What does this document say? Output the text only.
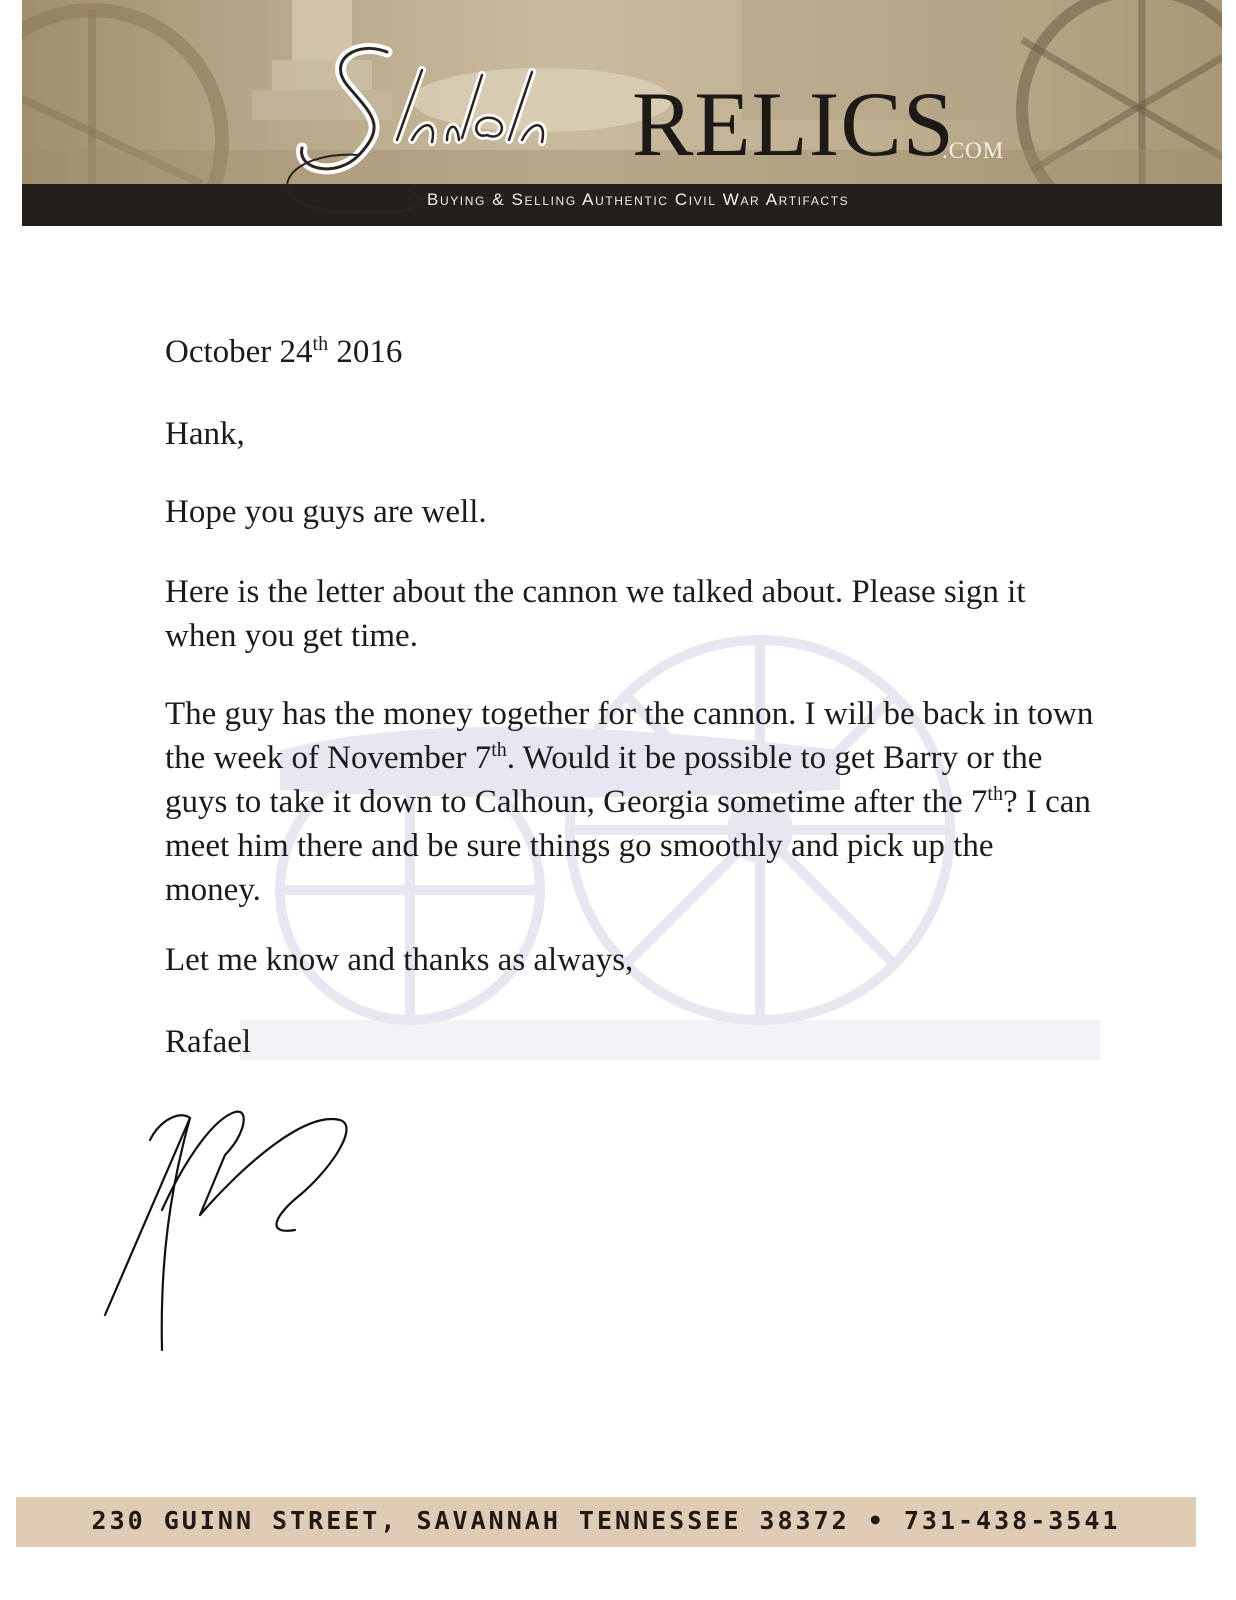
RELICS
.COM
Buying & Selling Authentic Civil War Artifacts

October 24th 2016

Hank,

Hope you guys are well.

Here is the letter about the cannon we talked about. Please sign it when you get time.

The guy has the money together for the cannon. I will be back in town the week of November 7th. Would it be possible to get Barry or the guys to take it down to Calhoun, Georgia sometime after the 7th? I can meet him there and be sure things go smoothly and pick up the money.

Let me know and thanks as always,

Rafael

230 GUINN STREET, SAVANNAH TENNESSEE 38372 • 731-438-3541
